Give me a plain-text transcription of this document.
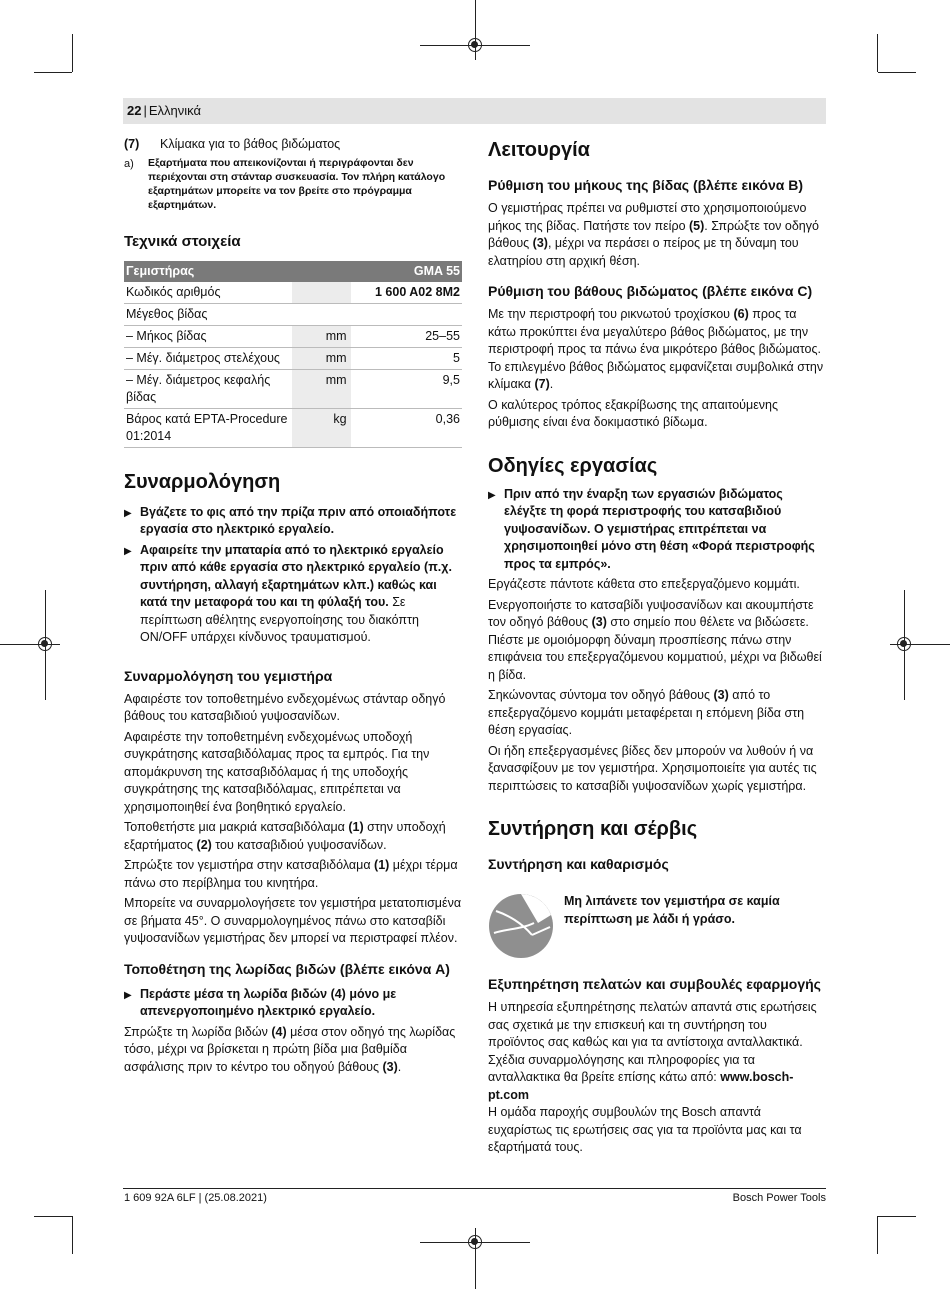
22 | Ελληνικά
(7)	Κλίμακα για το βάθος βιδώματος
a)	Εξαρτήματα που απεικονίζονται ή περιγράφονται δεν περιέχονται στη στάνταρ συσκευασία. Τον πλήρη κατάλογο εξαρτημάτων μπορείτε να τον βρείτε στο πρόγραμμα εξαρτημάτων.
Τεχνικά στοιχεία
Γεμιστήρας		GMA 55
Κωδικός αριθμός		1 600 A02 8M2
Μέγεθος βίδας		
– Μήκος βίδας	mm	25–55
– Μέγ. διάμετρος στελέχους	mm	5
– Μέγ. διάμετρος κεφαλής βίδας	mm	9,5
Βάρος κατά EPTA‑Procedure 01:2014	kg	0,36
Συναρμολόγηση
▶ Βγάζετε το φις από την πρίζα πριν από οποιαδήποτε εργασία στο ηλεκτρικό εργαλείο.
▶ Αφαιρείτε την μπαταρία από το ηλεκτρικό εργαλείο πριν από κάθε εργασία στο ηλεκτρικό εργαλείο (π.χ. συντήρηση, αλλαγή εξαρτημάτων κλπ.) καθώς και κατά την μεταφορά του και τη φύλαξή του. Σε περίπτωση αθέλητης ενεργοποίησης του διακόπτη ON/OFF υπάρχει κίνδυνος τραυματισμού.
Συναρμολόγηση του γεμιστήρα

Αφαιρέστε τον τοποθετημένο ενδεχομένως στάνταρ οδηγό βάθους του κατσαβιδιού γυψοσανίδων.

Αφαιρέστε την τοποθετημένη ενδεχομένως υποδοχή συγκράτησης κατσαβιδόλαμας προς τα εμπρός. Για την απομάκρυνση της κατσαβιδόλαμας ή της υποδοχής συγκράτησης της κατσαβιδόλαμας, επιτρέπεται να χρησιμοποιηθεί ένα βοηθητικό εργαλείο.

Τοποθετήστε μια μακριά κατσαβιδόλαμα (1) στην υποδοχή εξαρτήματος (2) του κατσαβιδιού γυψοσανίδων.

Σπρώξτε τον γεμιστήρα στην κατσαβιδόλαμα (1) μέχρι τέρμα πάνω στο περίβλημα του κινητήρα.

Μπορείτε να συναρμολογήσετε τον γεμιστήρα μετατοπισμένα σε βήματα 45°. Ο συναρμολογημένος πάνω στο κατσαβίδι γυψοσανίδων γεμιστήρας δεν μπορεί να περιστραφεί πλέον.

Τοποθέτηση της λωρίδας βιδών (βλέπε εικόνα A)
▶ Περάστε μέσα τη λωρίδα βιδών (4) μόνο με απενεργοποιημένο ηλεκτρικό εργαλείο.

Σπρώξτε τη λωρίδα βιδών (4) μέσα στον οδηγό της λωρίδας τόσο, μέχρι να βρίσκεται η πρώτη βίδα μια βαθμίδα ασφάλισης πριν το κέντρο του οδηγού βάθους (3).

Λειτουργία
Ρύθμιση του μήκους της βίδας (βλέπε εικόνα B)

Ο γεμιστήρας πρέπει να ρυθμιστεί στο χρησιμοποιούμενο μήκος της βίδας. Πατήστε τον πείρο (5). Σπρώξτε τον οδηγό βάθους (3), μέχρι να περάσει ο πείρος με τη δύναμη του ελατηρίου στη αρχική θέση.

Ρύθμιση του βάθους βιδώματος (βλέπε εικόνα C)

Με την περιστροφή του ρικνωτού τροχίσκου (6) προς τα κάτω προκύπτει ένα μεγαλύτερο βάθος βιδώματος, με την περιστροφή προς τα πάνω ένα μικρότερο βάθος βιδώματος. Το επιλεγμένο βάθος βιδώματος εμφανίζεται συμβολικά στην κλίμακα (7).

Ο καλύτερος τρόπος εξακρίβωσης της απαιτούμενης ρύθμισης είναι ένα δοκιμαστικό βίδωμα.

Οδηγίες εργασίας
▶ Πριν από την έναρξη των εργασιών βιδώματος ελέγξτε τη φορά περιστροφής του κατσαβιδιού γυψοσανίδων. Ο γεμιστήρας επιτρέπεται να χρησιμοποιηθεί μόνο στη θέση «Φορά περιστροφής προς τα εμπρός».

Εργάζεστε πάντοτε κάθετα στο επεξεργαζόμενο κομμάτι.

Ενεργοποιήστε το κατσαβίδι γυψοσανίδων και ακουμπήστε τον οδηγό βάθους (3) στο σημείο που θέλετε να βιδώσετε. Πιέστε με ομοιόμορφη δύναμη προσπίεσης πάνω στην επιφάνεια του επεξεργαζόμενου κομματιού, μέχρι να βιδωθεί η βίδα.

Σηκώνοντας σύντομα τον οδηγό βάθους (3) από το επεξεργαζόμενο κομμάτι μεταφέρεται η επόμενη βίδα στη θέση εργασίας.

Οι ήδη επεξεργασμένες βίδες δεν μπορούν να λυθούν ή να ξανασφίξουν με τον γεμιστήρα. Χρησιμοποιείτε για αυτές τις περιπτώσεις το κατσαβίδι γυψοσανίδων χωρίς γεμιστήρα.

Συντήρηση και σέρβις
Συντήρηση και καθαρισμός
Μη λιπάνετε τον γεμιστήρα σε καμία περίπτωση με λάδι ή γράσο.
Εξυπηρέτηση πελατών και συμβουλές εφαρμογής

Η υπηρεσία εξυπηρέτησης πελατών απαντά στις ερωτήσεις σας σχετικά με την επισκευή και τη συντήρηση του προϊόντος σας καθώς και για τα αντίστοιχα ανταλλακτικά. Σχέδια συναρμολόγησης και πληροφορίες για τα ανταλλακτικα θα βρείτε επίσης κάτω από: www.bosch-pt.com

Η ομάδα παροχής συμβουλών της Bosch απαντά ευχαρίστως τις ερωτήσεις σας για τα προϊόντα μας και τα εξαρτήματά τους.

1 609 92A 6LF | (25.08.2021)	Bosch Power Tools
